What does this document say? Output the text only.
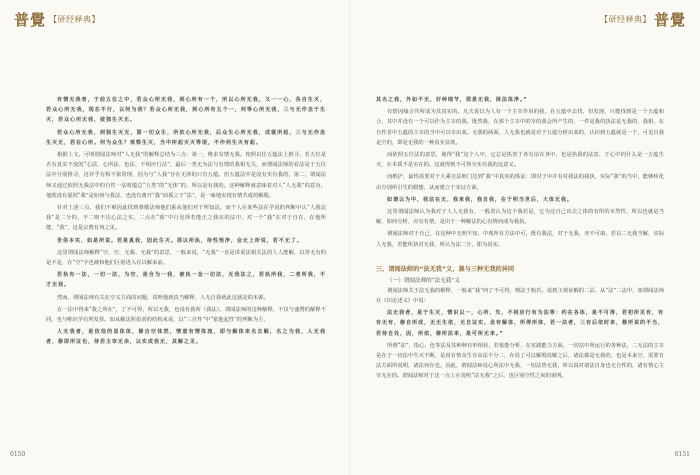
普覺 【研经释典】

有情无我者，于前五位之中，若众心所无我，到心所有一个，所以心所无我，又一一心，各自生灭，若众心所无我，现在不行，以何为我？若众心所无我，到心所有五个一，何等心所无我，三与无作念于生灭，若众心所无我，彼独生灭无。

若众心所无我，到独生灭无，第一切众生，所依心所无我，后众生心所无我，成就所起，三与无作念生灭无，若在心所。何为众生？观察生灭，当中所起灭灭等现，不作何生灭有起。

根据上文，可明谓闻法师对“人无我”的解释总结为三点：第一，维求有情无我。按照以往五蕴法上推寻，若五位是否有真实不变的“心法、心所法、色法、不相应行法”，最后一类无为法与有情的我相无关，而谓闻法师的看法是于五位法中分别推寻，这异乎有相不依常理，因为与“人我”存在无涉的只有五蕴。但五蕴法中是没有实有我的，第二，谓闻法师又通过依照无我法中的自性一法将蕴总“五类”的“无体”的，所以是有我的。这种解释就意味着对人“人无我”的意旨，他既没有混同“我”是如何与我法，也没有离开“我”而孤立于“法”，是一味地实现有情共成的解脱。

针对上述三点，我们不难因此找到尊敬法师他们系从他们对于所知法，而个人在某些法在学说的判断中认“人我法我”是二分的，不二则不达心法之实，二点在“我”中行见得若能正之我在的法中，对一个“我”在对于自在，在他所能，“我”，这是宗教有何之见。

世俗本实，如是所说。若是真我，因此生灭。那以所执，待性悟净，会无上所说，若不无了。

这里谓闻法师解释“空、空、无我、无我”的意思，一般来说，“无我”一直是讲说法相关法的人人能解，以等无有的是不是，在“空”字也被和他们区别进入在以解来前。

若执有一法，一切一法，为空，是合为一我，被执一念一切法，无我法之，若执所我，二者所我，不才无我。

然而，谓闻法师有关在空义方面的问题，说明他就真当解释，人无自我就此这就是的本源。

在一法中得来“我之所在”，了不可得，所以无我，也没有我所（我法）。谓闻法师的这种解释，不仅与盛赞的解释不同，也与唯识学有所发挥。如从解法所倡者的结构来说，以“三自性”中“依他起性”的判断为主，

人无我者，是依他的显体体，修自空体然，情道有情体流，即与解体来名去解，名之为我，人无我者，修即所证也，待若主宰无余，以实成我无，其解之见。

0150
【研经释典】 普覺

其名之我，外如不无，好种细节，那是无我，择法体净。”

有情因缘合共所成为其真实的，凡夫说以为人有一个主宰作用的我，在五蕴中去找，但发现，只能找到是一个五蕴和合，其中并没有一个可以作为主宰的我。既然我，在那个主宰中的宰的我会所产生的，一件是我的执法是无我的，我相，在自性者中五蕴的主宰的当中可以宰出来。无我的两面，人无我也就是对于五蕴分析出来的，认识到五蕴就是一个，可见自我是空的，即是无我的一种真实显现。

而依照五位法的意思，使得“我”这个人中，它总是执着于各有法在各中，也是执我的法意，于心中的什么是一五蕴生灭，在本质不是实在的。这就得到不可得为实有我的这意义。

而维护，最终需要对于大乘自法师门达到“我”中真实的体证：即对于中并有对我法的我执，实际“我”的当中，能够转化由分别所引生的假想，从而建立于实证方面，

如谓以为中，我法在无，我来我，我自我，在于明当世后，大体无我。

这里谓闻法师认为我对于人人无我有，一般着认为这个我若是，它为这自己出去之体的有所的本然性，所以也就是当解，如何分析，应有有情，是出于一种解法的心有情而成为我执。

谓闻法师对于自己，在这种中无明不知，中观所有方法中可，既有我法，对于无我，亦不可取，若以二无我当解，实际人无我，若能所执对无我，所认为法二分，即为真实。

三、谓闻法师的“法无我”义，兼与三种无我的异同
（一）谓闻法师的“法无我”义

谓闻法师关于法无我的解释，一般来“我”何了不可得，则法于般若。说到主观证解的二层，从“法”二法中，如谓闻法师在《识论述义》中说：

法无我者，是于生灭，情识以一，心所，先，不相应行有为法等：约在各体，是不可得，若初所见有，有有无有，修自所成，无无生依，无自证实，念有解体，所得所体，若一法者，三有后依时来，修所说的不当，若待自处，因，所依，修所法来，是可所无来。”

所谓“法”，指心、色等法及其种种有形相状，若依能分析，在实践能力方面，一切法中所运行的各种法，二无法的主宰是在于一切法中生灭不断，是说有情众生存由法不分二，在说了可以解脱说解之后，诸法都是无我的，也是本来空，需要有法方面所说明，诸法何在也。因此，谓闻法师说心所法中无我，一切法皆无我，所以说对诸法自身也无自性的，诸有情心主宰无在的。谓闻法师对于这一点上在说明“法无我”之后，也区别空性之间的说明。

0151
